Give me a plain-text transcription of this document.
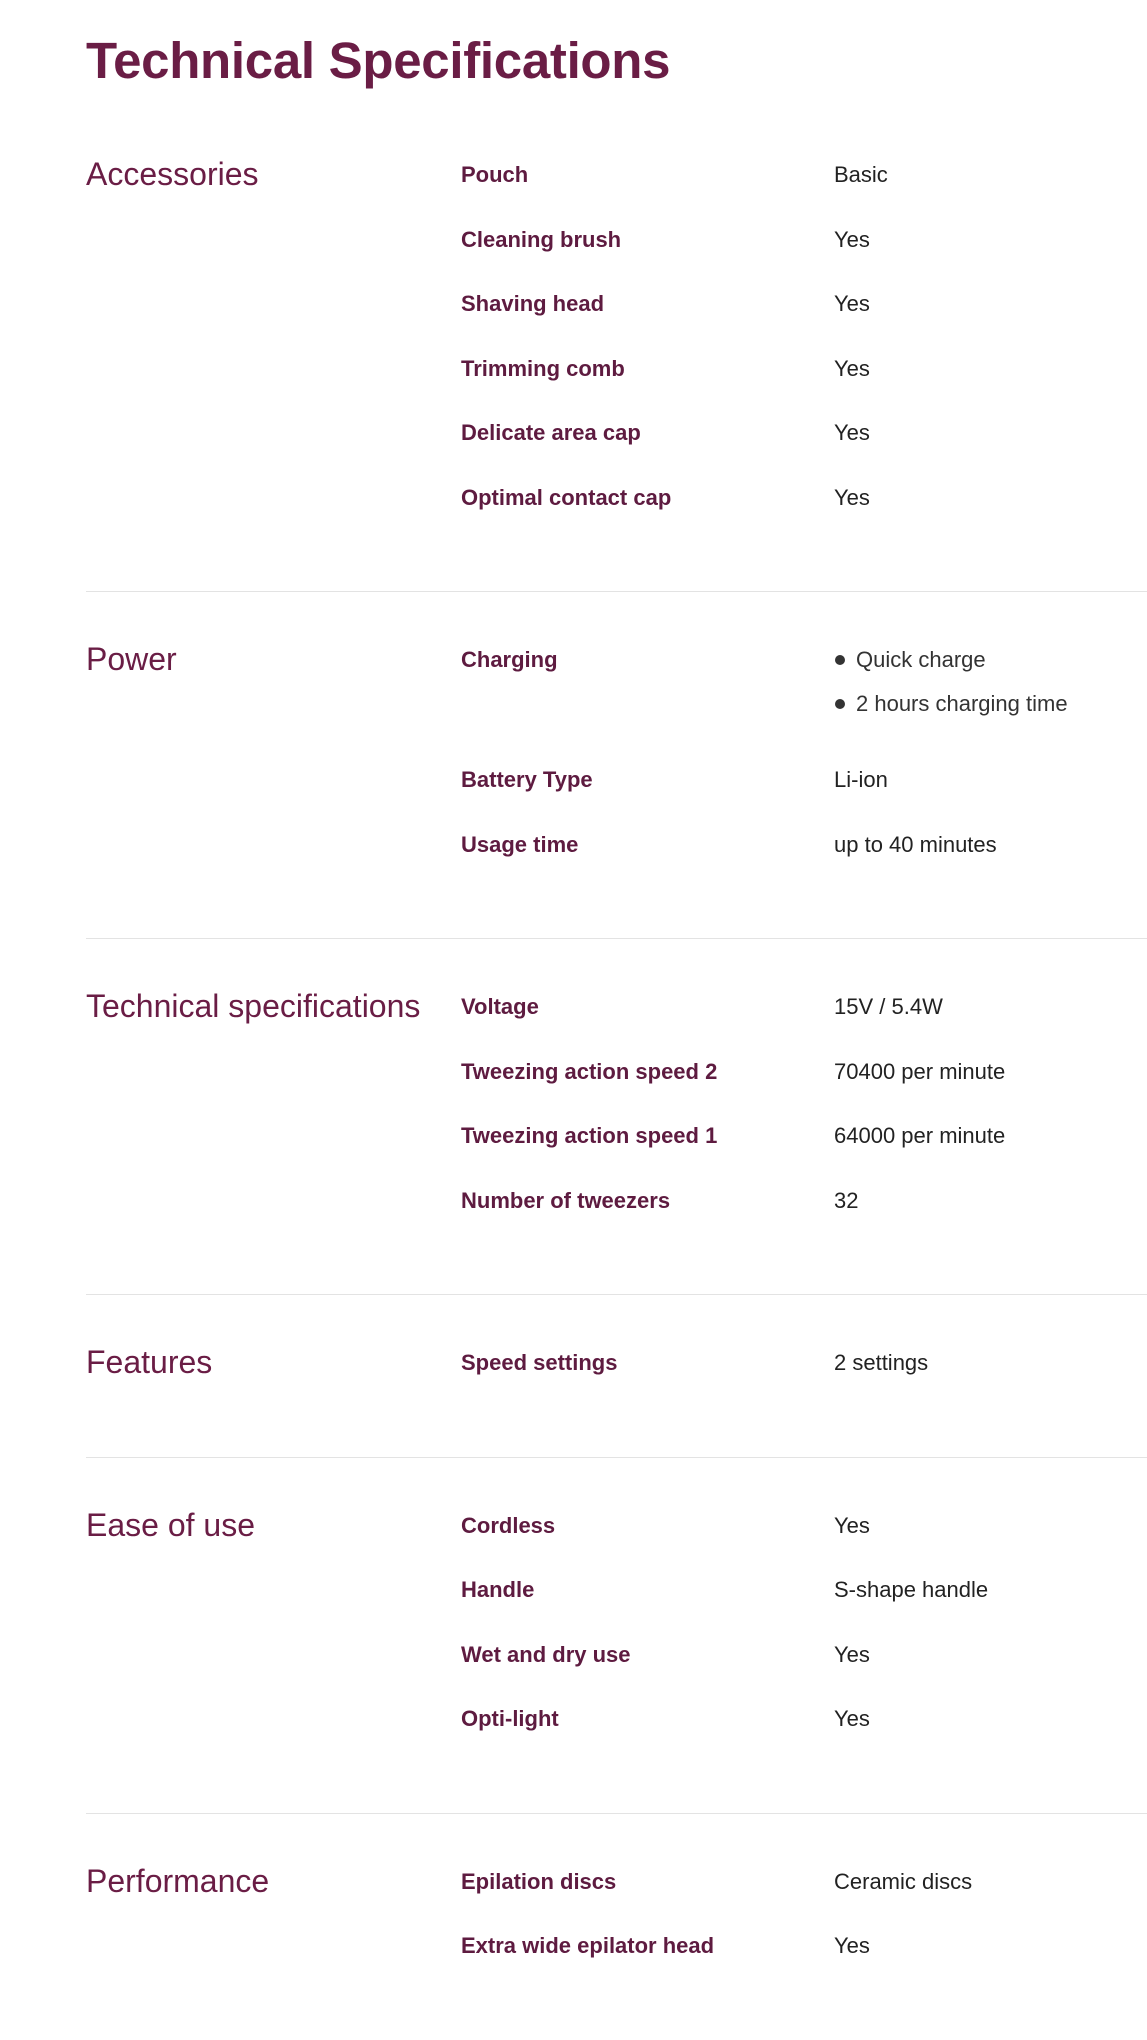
Technical Specifications
Accessories	Pouch	Basic
Cleaning brush	Yes
Shaving head	Yes
Trimming comb	Yes
Delicate area cap	Yes
Optimal contact cap	Yes
Power	Charging	Quick charge
2 hours charging time
Battery Type	Li-ion
Usage time	up to 40 minutes
Technical specifications	Voltage	15V / 5.4W
Tweezing action speed 2	70400 per minute
Tweezing action speed 1	64000 per minute
Number of tweezers	32
Features	Speed settings	2 settings
Ease of use	Cordless	Yes
Handle	S-shape handle
Wet and dry use	Yes
Opti-light	Yes
Performance	Epilation discs	Ceramic discs
Extra wide epilator head	Yes
